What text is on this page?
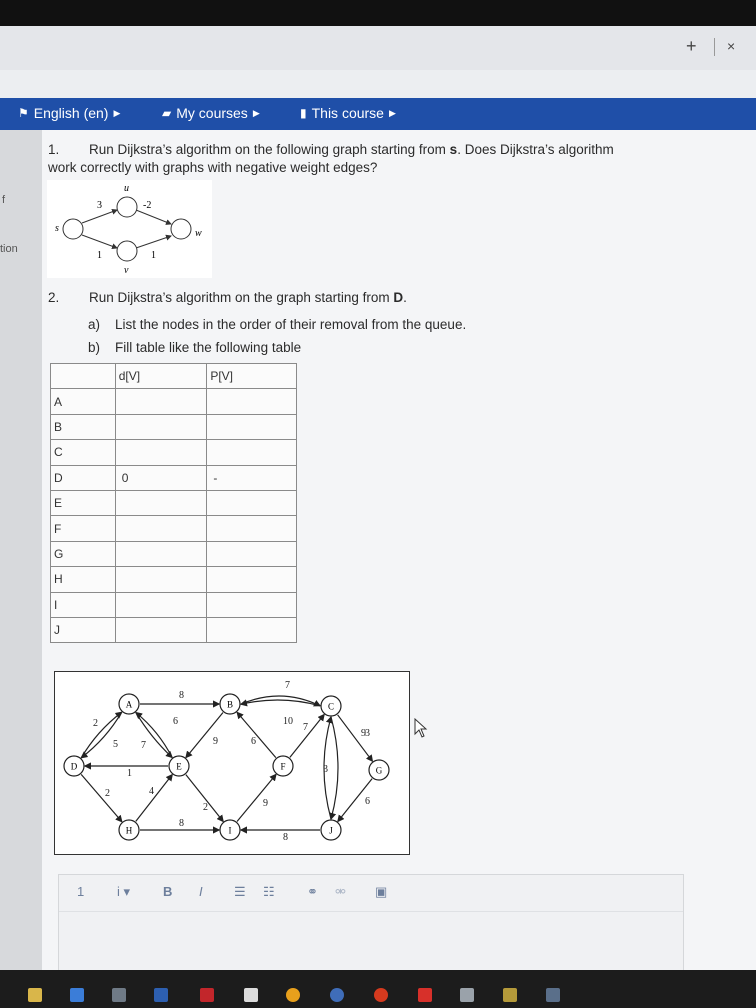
+ ×
⚑ English (en) ▶	▰ My courses ▶	▮ This course ▶
f
tion
1. Run Dijkstra’s algorithm on the following graph starting from s. Does Dijkstra’s algorithm
work correctly with graphs with negative weight edges?
s
u
v
w
3	-2
1	1
2. Run Dijkstra’s algorithm on the graph starting from D.
a) List the nodes in the order of their removal from the queue.
b) Fill table like the following table
	d[V]	P[V]
A		
B		
C		
D	0	-
E		
F		
G		
H		
I		
J		
8
7
10
7
9
2
5
6
7
1
2	4
2
9	6
3
9	6
3
8
8
A	B	C
D	E	F	G
H	I	J
1	i ▾	B I ☰ ☷ ⚭ ⚮ ▣
